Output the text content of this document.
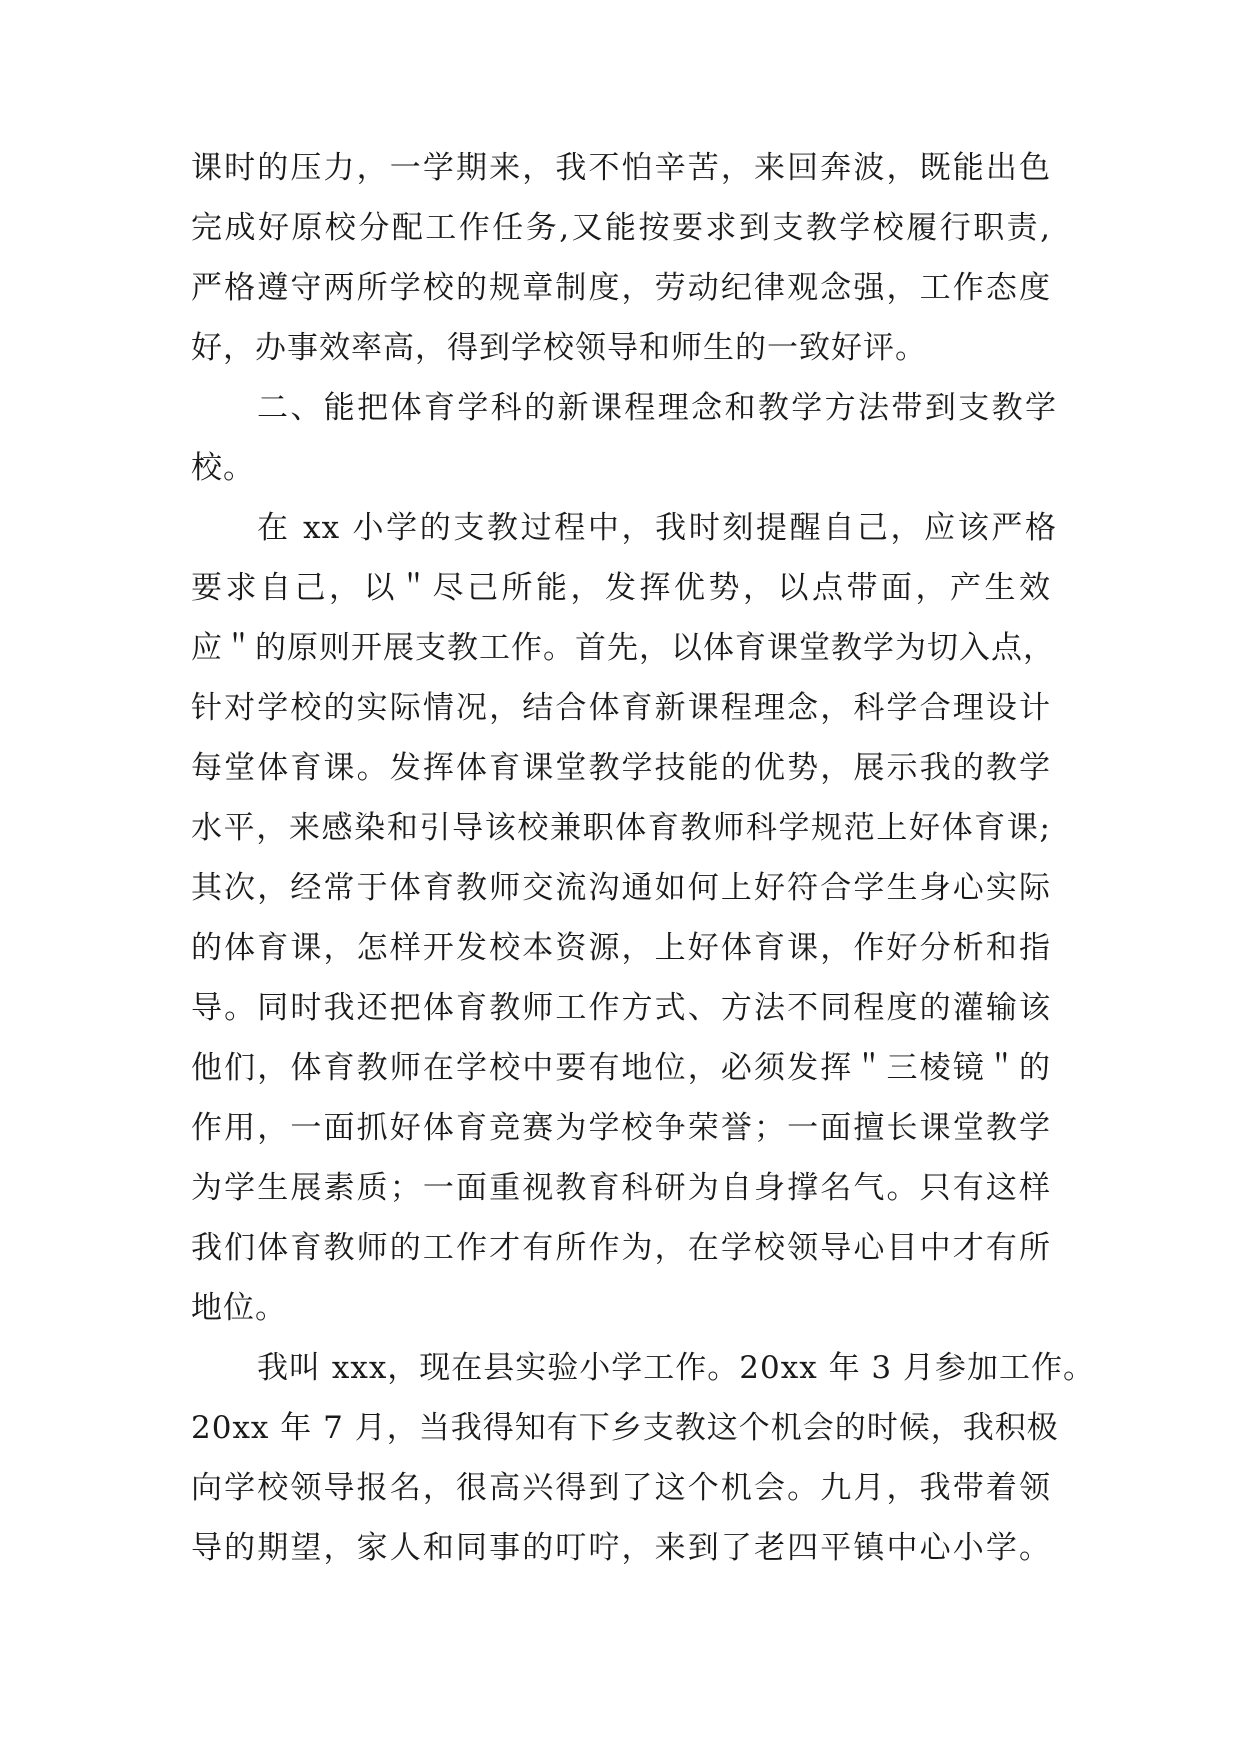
课时的压力，一学期来，我不怕辛苦，来回奔波，既能出色
完成好原校分配工作任务,又能按要求到支教学校履行职责,
严格遵守两所学校的规章制度，劳动纪律观念强，工作态度
好，办事效率高，得到学校领导和师生的一致好评。
二、能把体育学科的新课程理念和教学方法带到支教学
校。
在 xx 小学的支教过程中，我时刻提醒自己，应该严格
要求自己，以＂尽己所能，发挥优势，以点带面，产生效
应＂的原则开展支教工作。首先，以体育课堂教学为切入点，
针对学校的实际情况，结合体育新课程理念，科学合理设计
每堂体育课。发挥体育课堂教学技能的优势，展示我的教学
水平，来感染和引导该校兼职体育教师科学规范上好体育课;
其次，经常于体育教师交流沟通如何上好符合学生身心实际
的体育课，怎样开发校本资源，上好体育课，作好分析和指
导。同时我还把体育教师工作方式、方法不同程度的灌输该
他们，体育教师在学校中要有地位，必须发挥＂三棱镜＂的
作用，一面抓好体育竞赛为学校争荣誉；一面擅长课堂教学
为学生展素质；一面重视教育科研为自身撑名气。只有这样
我们体育教师的工作才有所作为，在学校领导心目中才有所
地位。
我叫 xxx，现在县实验小学工作。20xx 年 3 月参加工作。
20xx 年 7 月，当我得知有下乡支教这个机会的时候，我积极
向学校领导报名，很高兴得到了这个机会。九月，我带着领
导的期望，家人和同事的叮咛，来到了老四平镇中心小学。
